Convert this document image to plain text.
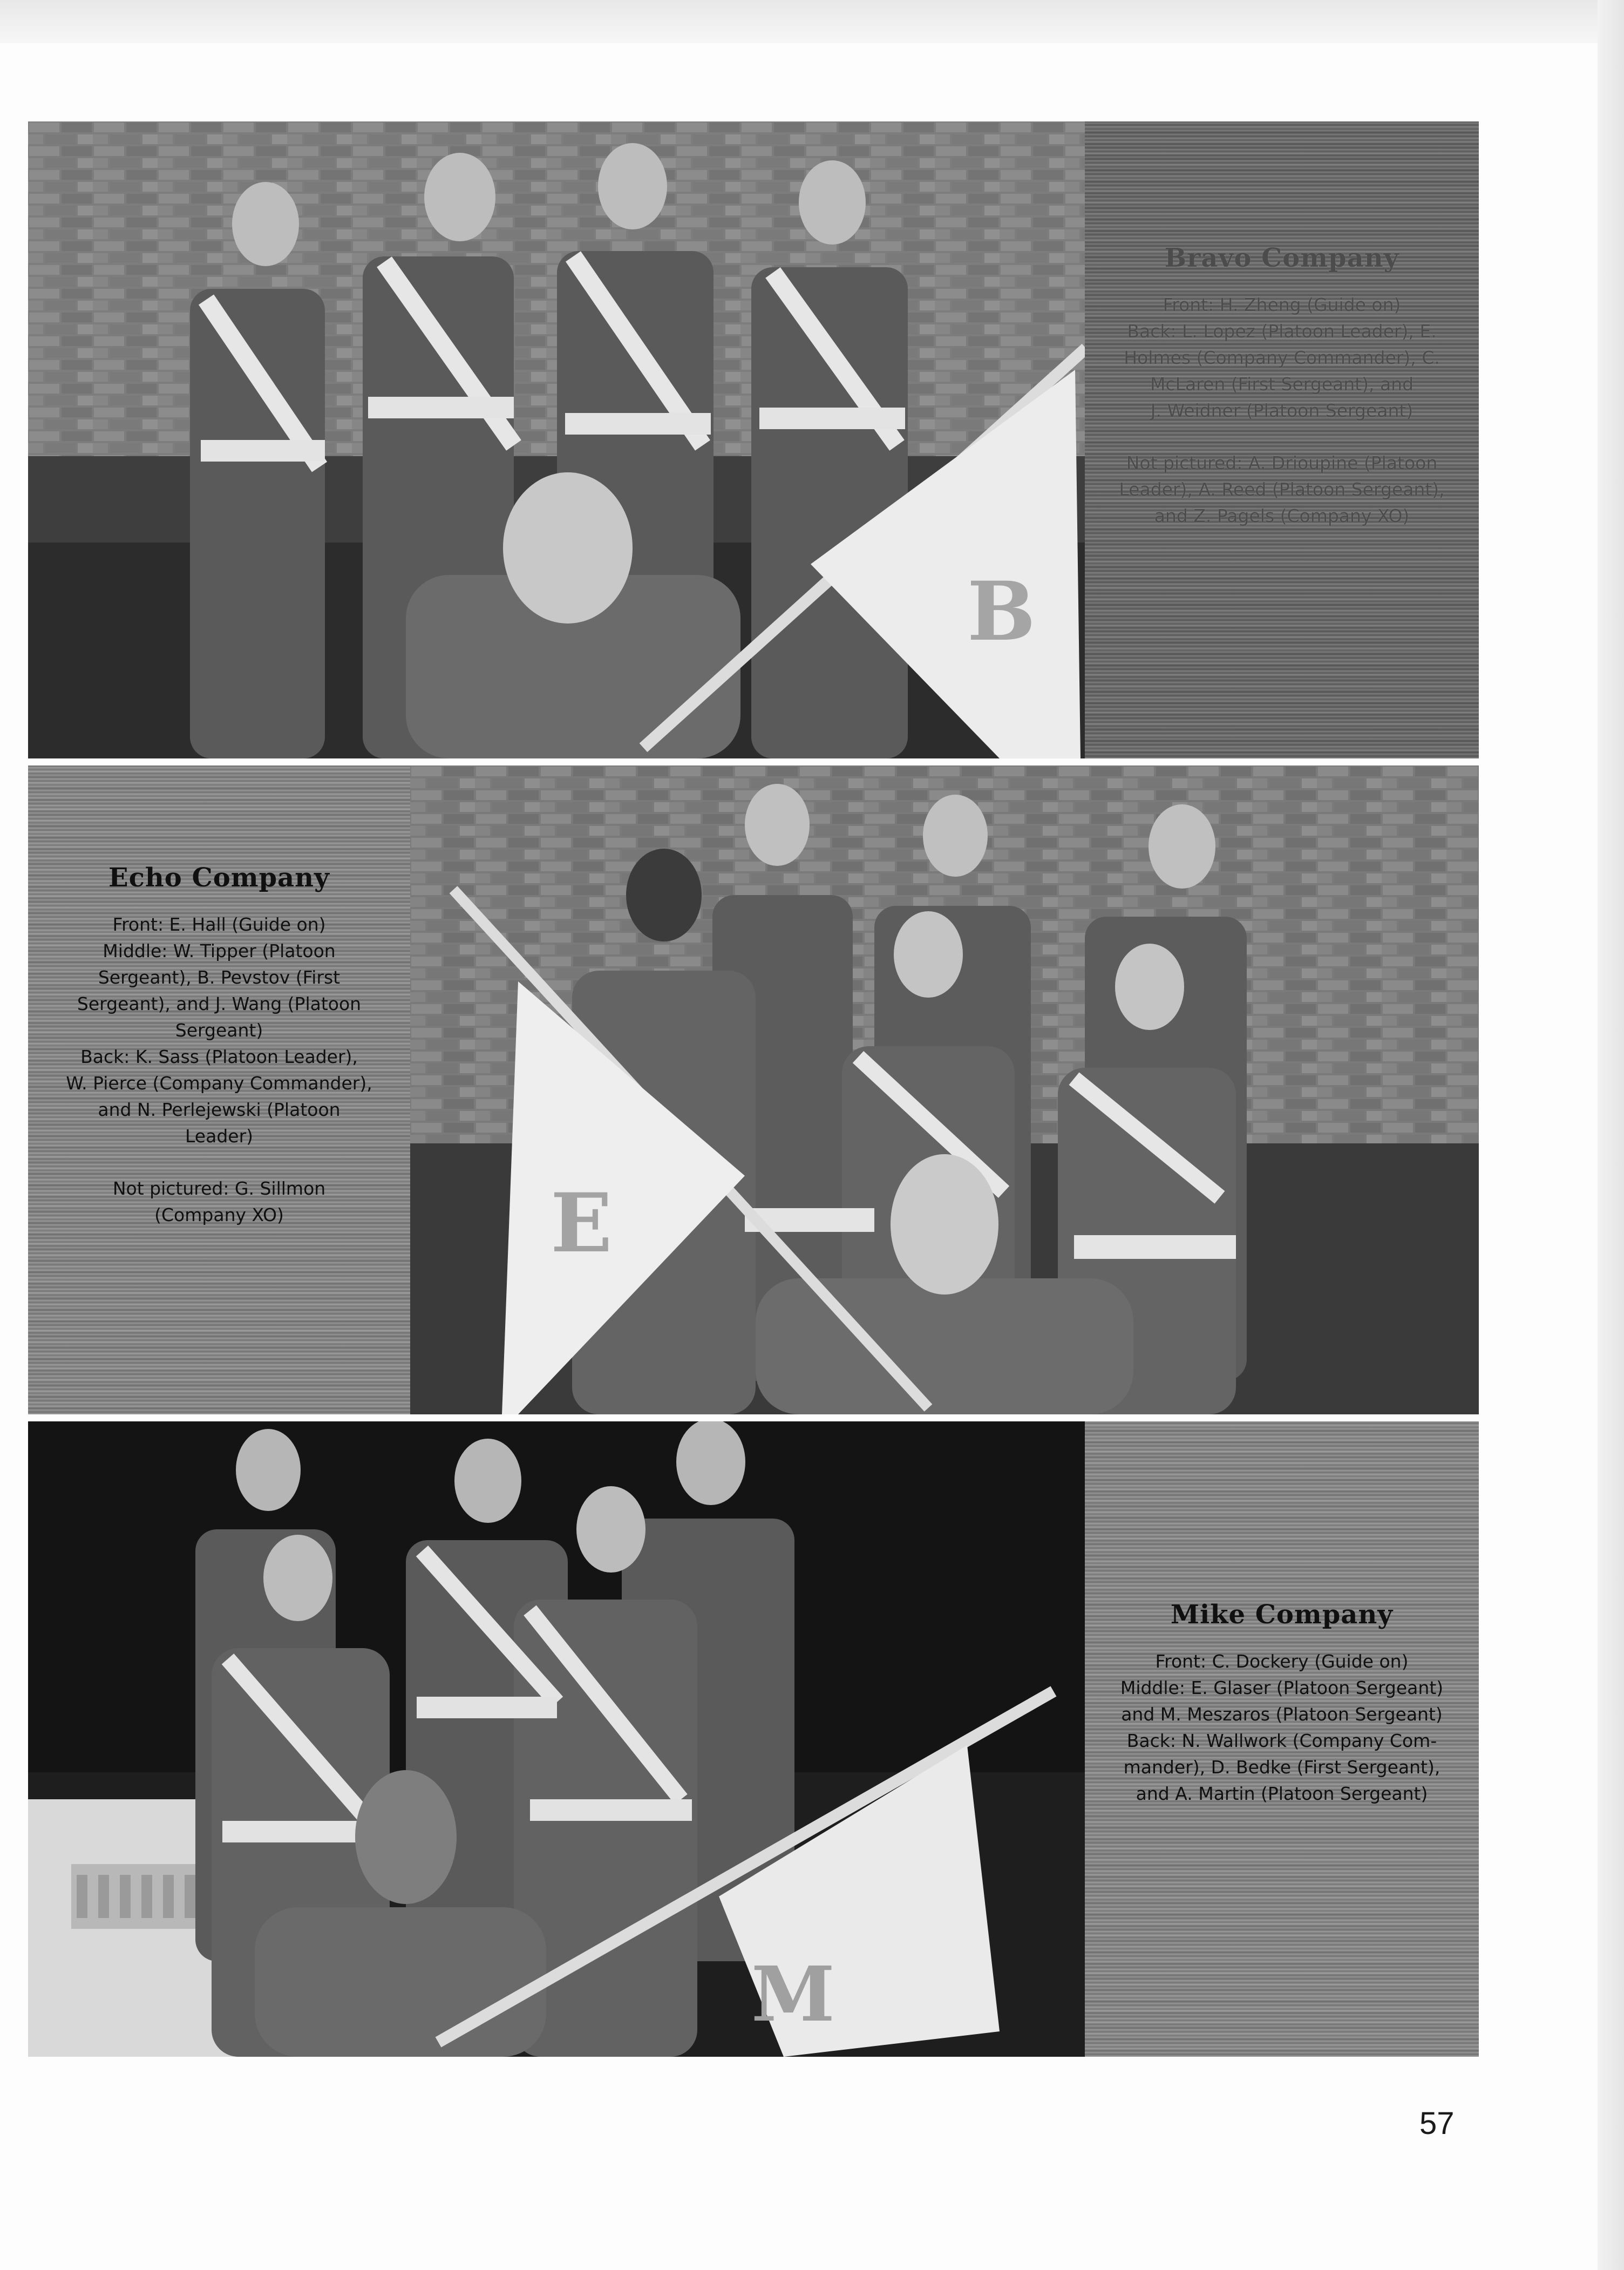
B
Bravo Company
Front: H. Zheng (Guide on)
Back: L. Lopez (Platoon Leader), E.
Holmes (Company Commander), C.
McLaren (First Sergeant), and
J. Weidner (Platoon Sergeant)
Not pictured: A. Drioupine (Platoon
Leader), A. Reed (Platoon Sergeant),
and Z. Pagels (Company XO)
Echo Company
Front: E. Hall (Guide on)
Middle: W. Tipper (Platoon
Sergeant), B. Pevstov (First
Sergeant), and J. Wang (Platoon
Sergeant)
Back: K. Sass (Platoon Leader),
W. Pierce (Company Commander),
and N. Perlejewski (Platoon
Leader)
Not pictured: G. Sillmon
(Company XO)	E
M
Mike Company
Front: C. Dockery (Guide on)
Middle: E. Glaser (Platoon Sergeant)
and M. Meszaros (Platoon Sergeant)
Back: N. Wallwork (Company Com-
mander), D. Bedke (First Sergeant),
and A. Martin (Platoon Sergeant)
57
